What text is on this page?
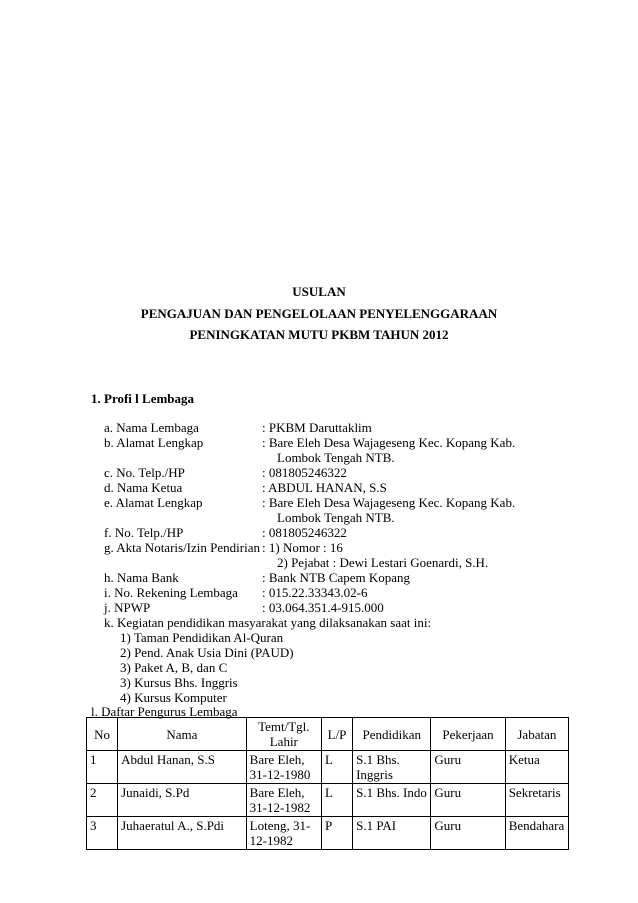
USULAN
PENGAJUAN DAN PENGELOLAAN PENYELENGGARAAN
PENINGKATAN MUTU PKBM TAHUN 2012
1. Profi l Lembaga
a. Nama Lembaga	: PKBM Daruttaklim
b. Alamat Lengkap	: Bare Eleh Desa Wajageseng Kec. Kopang Kab.
Lombok Tengah NTB.
c. No. Telp./HP	: 081805246322
d. Nama Ketua	: ABDUL HANAN, S.S
e. Alamat Lengkap	: Bare Eleh Desa Wajageseng Kec. Kopang Kab.
Lombok Tengah NTB.
f. No. Telp./HP	: 081805246322
g. Akta Notaris/Izin Pendirian : 1) Nomor : 16
2) Pejabat : Dewi Lestari Goenardi, S.H.
h. Nama Bank	: Bank NTB Capem Kopang
i. No. Rekening Lembaga	: 015.22.33343.02-6
j. NPWP	: 03.064.351.4-915.000
k. Kegiatan pendidikan masyarakat yang dilaksanakan saat ini:
1) Taman Pendidikan Al-Quran
2) Pend. Anak Usia Dini (PAUD)
3) Paket A, B, dan C
3) Kursus Bhs. Inggris
4) Kursus Komputer
l. Daftar Pengurus Lembaga
No	Nama	Temt/Tgl. Lahir	L/P	Pendidikan	Pekerjaan	Jabatan
1	Abdul Hanan, S.S	Bare Eleh, 31-12-1980	L	S.1 Bhs. Inggris	Guru	Ketua
2	Junaidi, S.Pd	Bare Eleh, 31-12-1982	L	S.1 Bhs. Indo	Guru	Sekretaris
3	Juhaeratul A., S.Pdi	Loteng, 31-12-1982	P	S.1 PAI	Guru	Bendahara
